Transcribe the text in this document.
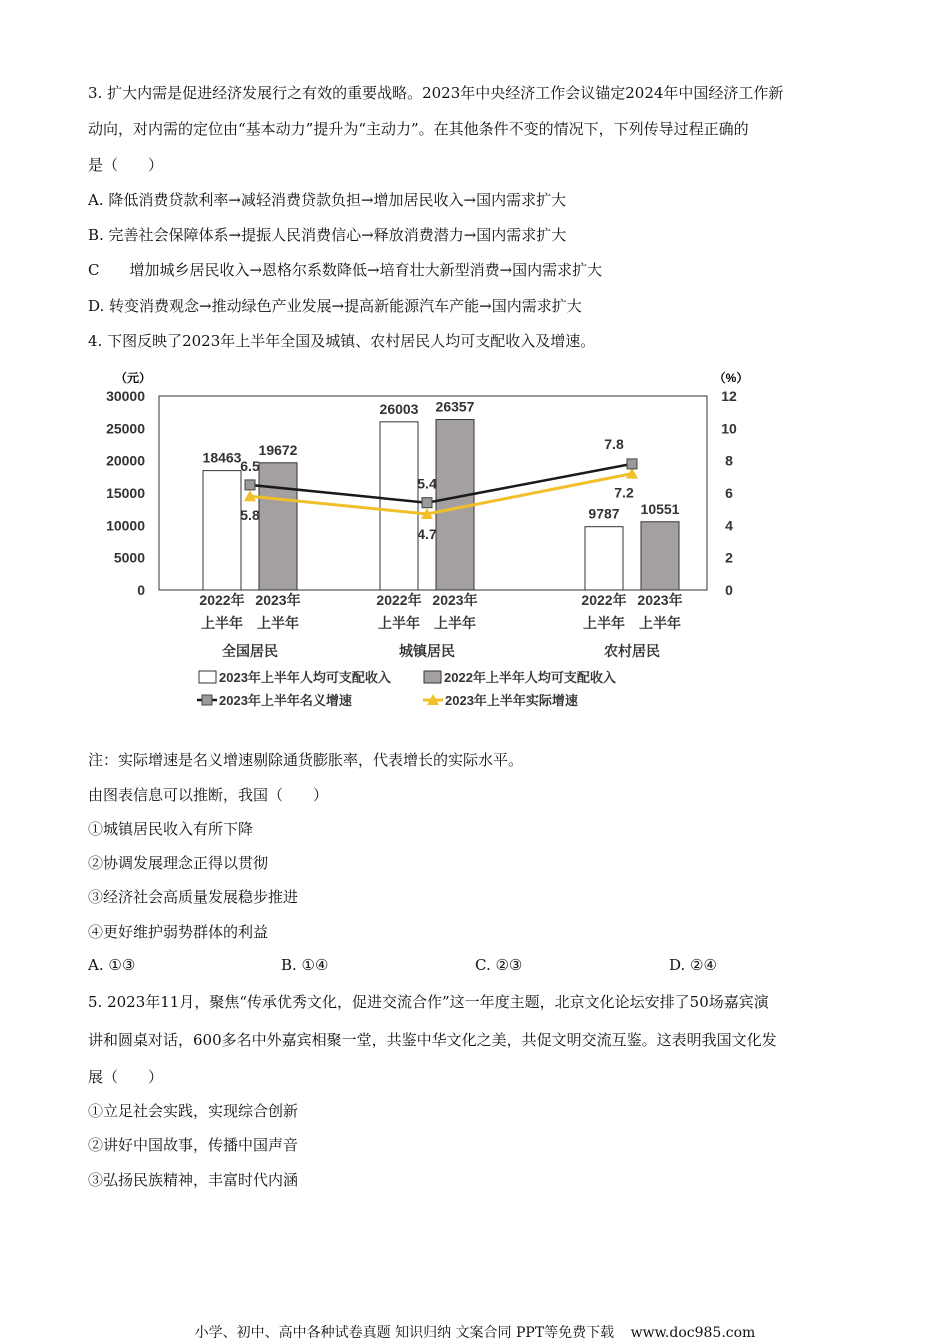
3. 扩大内需是促进经济发展行之有效的重要战略。2023年中央经济工作会议锚定2024年中国经济工作新

动向，对内需的定位由“基本动力”提升为“主动力”。在其他条件不变的情况下，下列传导过程正确的

是（　　）

A. 降低消费贷款利率→减轻消费贷款负担→增加居民收入→国内需求扩大

B. 完善社会保障体系→提振人民消费信心→释放消费潜力→国内需求扩大

C　　增加城乡居民收入→恩格尔系数降低→培育壮大新型消费→国内需求扩大

D. 转变消费观念→推动绿色产业发展→提高新能源汽车产能→国内需求扩大

4. 下图反映了2023年上半年全国及城镇、农村居民人均可支配收入及增速。

（元）	（%）
30000
25000
20000
15000
10000
5000
0
12
10
8
6
4
2
0
18463 19672
26003 26357
9787 10551
6.5
5.4
7.8
5.8
4.7
7.2
2022年
上半年
2023年
上半年
全国居民
2022年
上半年
2023年
上半年
城镇居民
2022年
上半年
2023年
上半年
农村居民
2023年上半年人均可支配收入	2022年上半年人均可支配收入
2023年上半年名义增速	2023年上半年实际增速

注：实际增速是名义增速剔除通货膨胀率，代表增长的实际水平。

由图表信息可以推断，我国（　　）

①城镇居民收入有所下降

②协调发展理念正得以贯彻

③经济社会高质量发展稳步推进

④更好维护弱势群体的利益

A. ①③	B. ①④	C. ②③	D. ②④

5. 2023年11月，聚焦“传承优秀文化，促进交流合作”这一年度主题，北京文化论坛安排了50场嘉宾演

讲和圆桌对话，600多名中外嘉宾相聚一堂，共鉴中华文化之美，共促文明交流互鉴。这表明我国文化发

展（　　）

①立足社会实践，实现综合创新

②讲好中国故事，传播中国声音

③弘扬民族精神，丰富时代内涵

小学、初中、高中各种试卷真题 知识归纳 文案合同 PPT等免费下载 www.doc985.com
